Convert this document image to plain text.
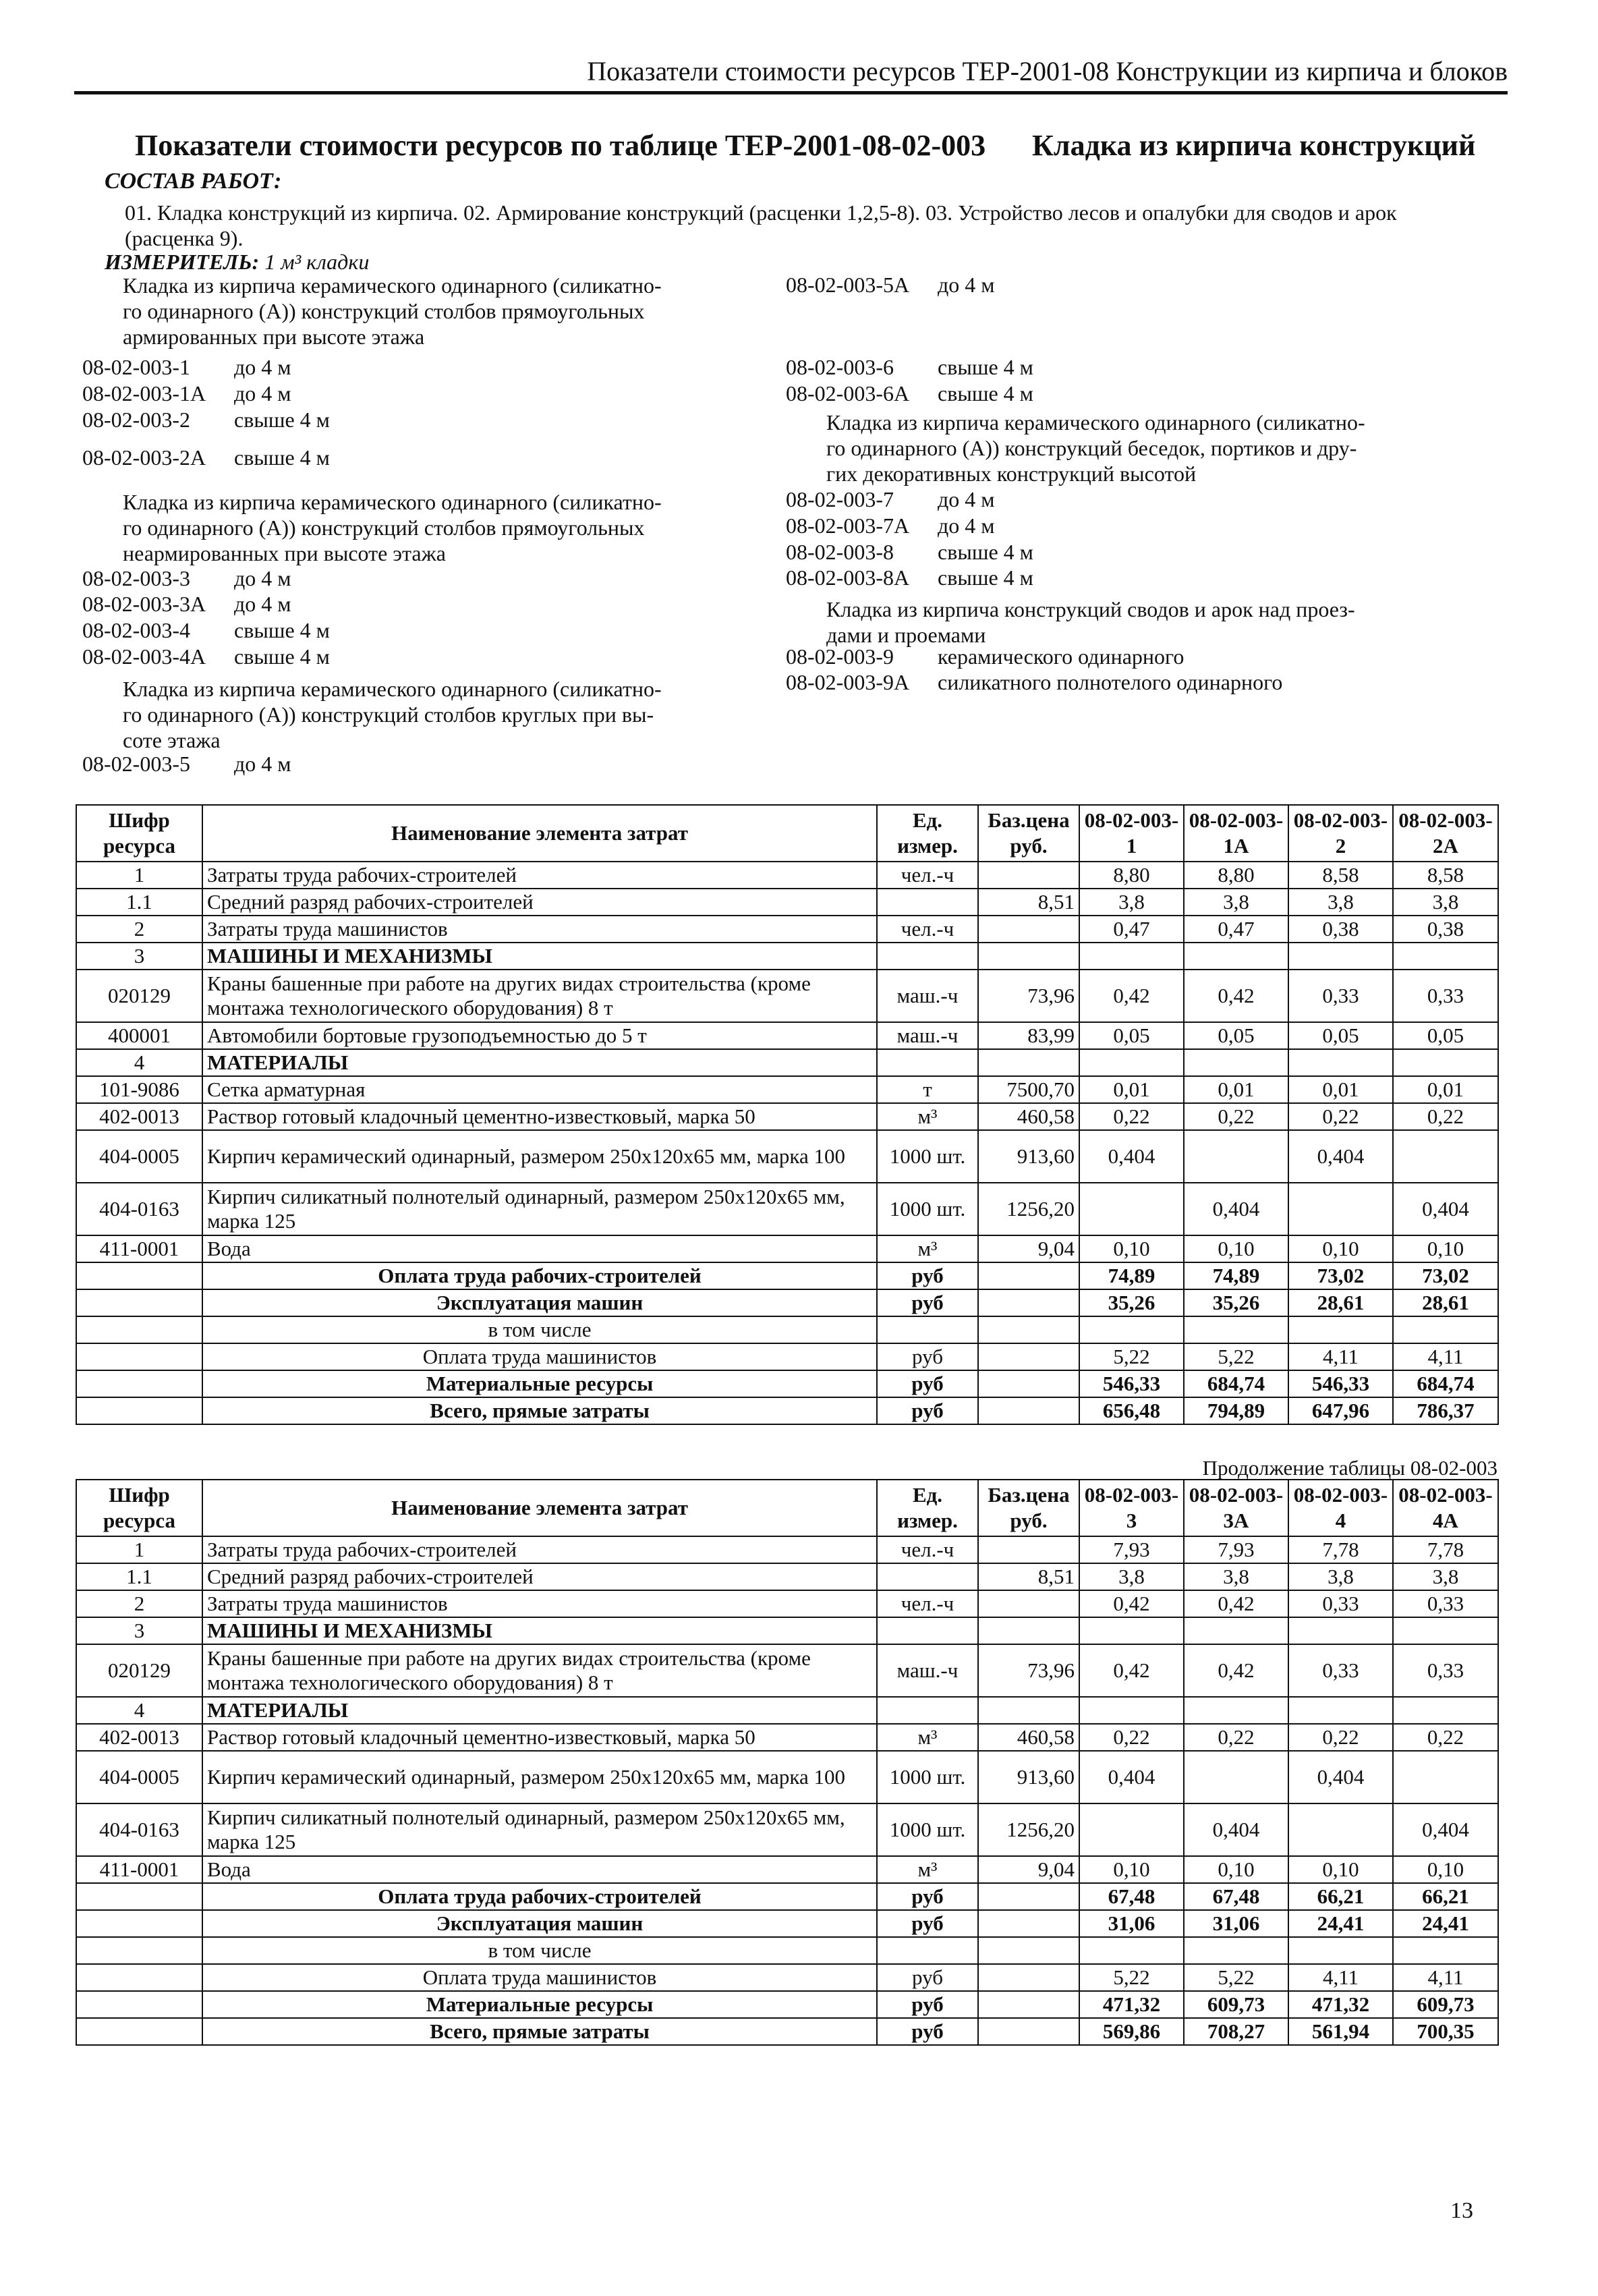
Показатели стоимости ресурсов ТЕР-2001-08 Конструкции из кирпича и блоков
Показатели стоимости ресурсов по таблице ТЕР-2001-08-02-003 Кладка из кирпича конструкций
СОСТАВ РАБОТ:
01. Кладка конструкций из кирпича. 02. Армирование конструкций (расценки 1,2,5-8). 03. Устройство лесов и опалубки для сводов и арок (расценка 9).
ИЗМЕРИТЕЛЬ: 1 м³ кладки
Кладка из кирпича керамического одинарного (силикатно-
го одинарного (А)) конструкций столбов прямоугольных
армированных при высоте этажа
08-02-003-1 до 4 м
08-02-003-1А до 4 м
08-02-003-2 свыше 4 м
08-02-003-2А свыше 4 м
Кладка из кирпича керамического одинарного (силикатно-
го одинарного (А)) конструкций столбов прямоугольных
неармированных при высоте этажа
08-02-003-3 до 4 м
08-02-003-3А до 4 м
08-02-003-4 свыше 4 м
08-02-003-4А свыше 4 м
Кладка из кирпича керамического одинарного (силикатно-
го одинарного (А)) конструкций столбов круглых при вы-
соте этажа
08-02-003-5 до 4 м
08-02-003-5А до 4 м
08-02-003-6 свыше 4 м
08-02-003-6А свыше 4 м
Кладка из кирпича керамического одинарного (силикатно-
го одинарного (А)) конструкций беседок, портиков и дру-
гих декоративных конструкций высотой
08-02-003-7 до 4 м
08-02-003-7А до 4 м
08-02-003-8 свыше 4 м
08-02-003-8А свыше 4 м
Кладка из кирпича конструкций сводов и арок над проез-
дами и проемами
08-02-003-9 керамического одинарного
08-02-003-9А силикатного полнотелого одинарного
Шифр ресурса	Наименование элемента затрат	Ед. измер.	Баз.цена руб.	08-02-003-1	08-02-003-1А	08-02-003-2	08-02-003-2А
1	Затраты труда рабочих-строителей	чел.-ч		8,80	8,80	8,58	8,58
1.1	Средний разряд рабочих-строителей		8,51	3,8	3,8	3,8	3,8
2	Затраты труда машинистов	чел.-ч		0,47	0,47	0,38	0,38
3	МАШИНЫ И МЕХАНИЗМЫ						
020129	Краны башенные при работе на других видах строительства (кроме монтажа технологического оборудования) 8 т	маш.-ч	73,96	0,42	0,42	0,33	0,33
400001	Автомобили бортовые грузоподъемностью до 5 т	маш.-ч	83,99	0,05	0,05	0,05	0,05
4	МАТЕРИАЛЫ						
101-9086	Сетка арматурная	т	7500,70	0,01	0,01	0,01	0,01
402-0013	Раствор готовый кладочный цементно-известковый, марка 50	м³	460,58	0,22	0,22	0,22	0,22
404-0005	Кирпич керамический одинарный, размером 250х120х65 мм, марка 100	1000 шт.	913,60	0,404		0,404	
404-0163	Кирпич силикатный полнотелый одинарный, размером 250х120х65 мм, марка 125	1000 шт.	1256,20		0,404		0,404
411-0001	Вода	м³	9,04	0,10	0,10	0,10	0,10
	Оплата труда рабочих-строителей	руб		74,89	74,89	73,02	73,02
	Эксплуатация машин	руб		35,26	35,26	28,61	28,61
	в том числе						
	Оплата труда машинистов	руб		5,22	5,22	4,11	4,11
	Материальные ресурсы	руб		546,33	684,74	546,33	684,74
	Всего, прямые затраты	руб		656,48	794,89	647,96	786,37
Продолжение таблицы 08-02-003
Шифр ресурса	Наименование элемента затрат	Ед. измер.	Баз.цена руб.	08-02-003-3	08-02-003-3А	08-02-003-4	08-02-003-4А
1	Затраты труда рабочих-строителей	чел.-ч		7,93	7,93	7,78	7,78
1.1	Средний разряд рабочих-строителей		8,51	3,8	3,8	3,8	3,8
2	Затраты труда машинистов	чел.-ч		0,42	0,42	0,33	0,33
3	МАШИНЫ И МЕХАНИЗМЫ						
020129	Краны башенные при работе на других видах строительства (кроме монтажа технологического оборудования) 8 т	маш.-ч	73,96	0,42	0,42	0,33	0,33
4	МАТЕРИАЛЫ						
402-0013	Раствор готовый кладочный цементно-известковый, марка 50	м³	460,58	0,22	0,22	0,22	0,22
404-0005	Кирпич керамический одинарный, размером 250х120х65 мм, марка 100	1000 шт.	913,60	0,404		0,404	
404-0163	Кирпич силикатный полнотелый одинарный, размером 250х120х65 мм, марка 125	1000 шт.	1256,20		0,404		0,404
411-0001	Вода	м³	9,04	0,10	0,10	0,10	0,10
	Оплата труда рабочих-строителей	руб		67,48	67,48	66,21	66,21
	Эксплуатация машин	руб		31,06	31,06	24,41	24,41
	в том числе						
	Оплата труда машинистов	руб		5,22	5,22	4,11	4,11
	Материальные ресурсы	руб		471,32	609,73	471,32	609,73
	Всего, прямые затраты	руб		569,86	708,27	561,94	700,35
13
